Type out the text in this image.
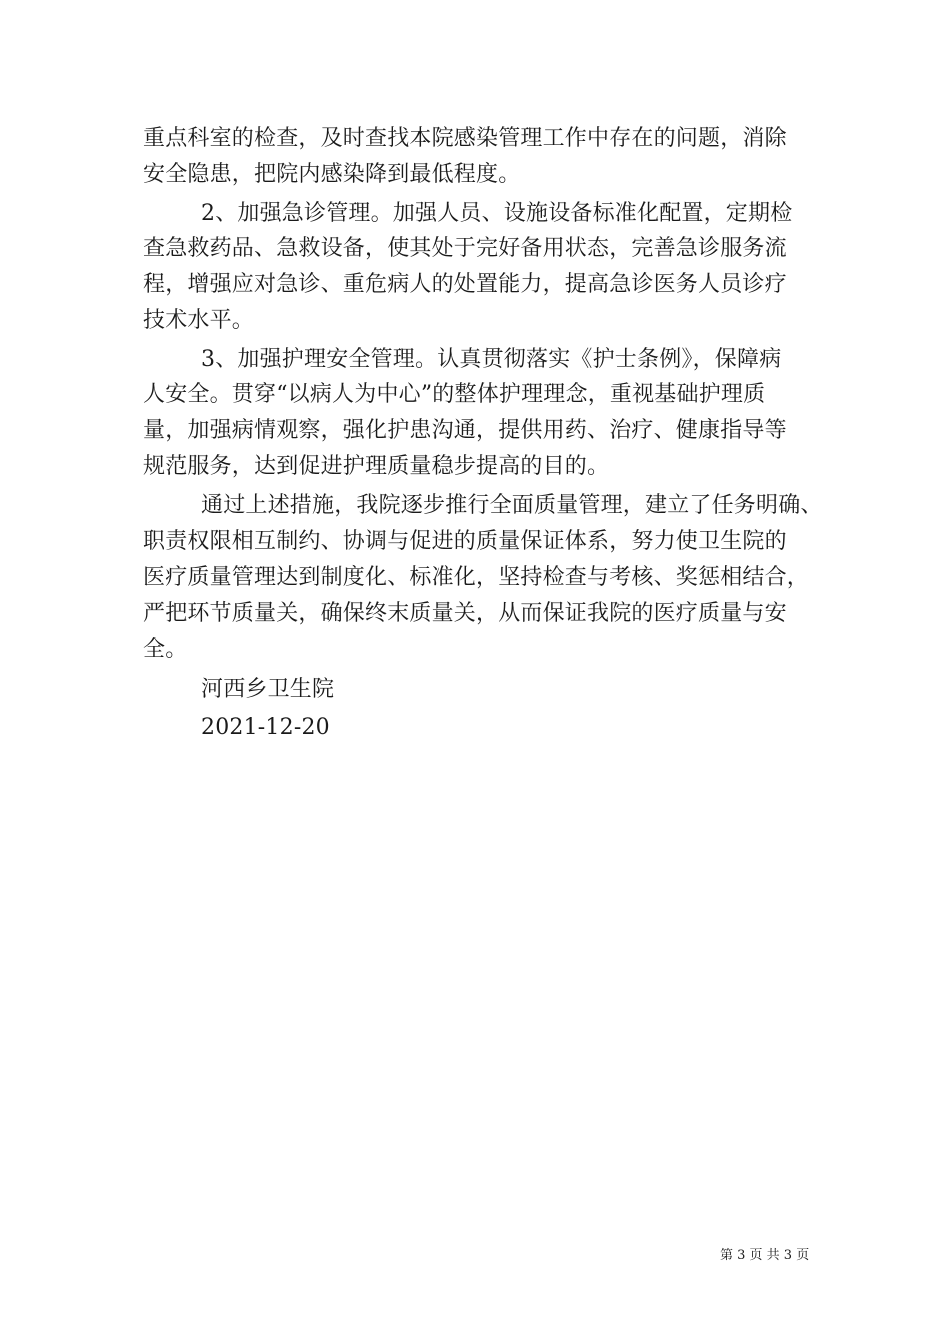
重点科室的检查，及时查找本院感染管理工作中存在的问题，消除
安全隐患，把院内感染降到最低程度。
2、加强急诊管理。加强人员、设施设备标准化配置，定期检
查急救药品、急救设备，使其处于完好备用状态，完善急诊服务流
程，增强应对急诊、重危病人的处置能力，提高急诊医务人员诊疗
技术水平。
3、加强护理安全管理。认真贯彻落实《护士条例》，保障病
人安全。贯穿“以病人为中心”的整体护理理念，重视基础护理质
量，加强病情观察，强化护患沟通，提供用药、治疗、健康指导等
规范服务，达到促进护理质量稳步提高的目的。
通过上述措施，我院逐步推行全面质量管理，建立了任务明确、
职责权限相互制约、协调与促进的质量保证体系，努力使卫生院的
医疗质量管理达到制度化、标准化，坚持检查与考核、奖惩相结合，
严把环节质量关，确保终末质量关，从而保证我院的医疗质量与安
全。
河西乡卫生院
2021-12-20
第 3 页 共 3 页
